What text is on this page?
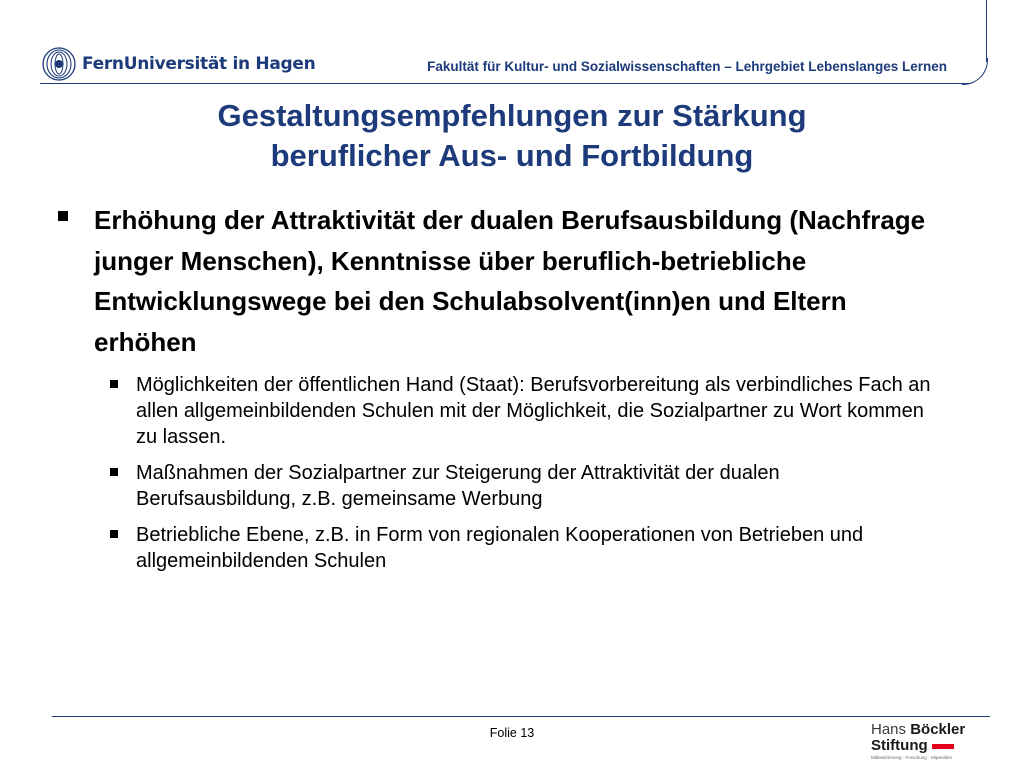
FernUniversität in Hagen	Fakultät für Kultur- und Sozialwissenschaften – Lehrgebiet Lebenslanges Lernen
Gestaltungsempfehlungen zur Stärkung
beruflicher Aus- und Fortbildung
Erhöhung der Attraktivität der dualen Berufsausbildung (Nachfrage junger Menschen), Kenntnisse über beruflich-betriebliche Entwicklungswege bei den Schulabsolvent(inn)en und Eltern erhöhen
Möglichkeiten der öffentlichen Hand (Staat): Berufsvorbereitung als verbindliches Fach an allen allgemeinbildenden Schulen mit der Möglichkeit, die Sozialpartner zu Wort kommen zu lassen.
Maßnahmen der Sozialpartner zur Steigerung der Attraktivität der dualen Berufsausbildung, z.B. gemeinsame Werbung
Betriebliche Ebene, z.B. in Form von regionalen Kooperationen von Betrieben und allgemeinbildenden Schulen
Folie 13	Hans Böckler
Stiftung
Mitbestimmung · Forschung · Stipendien
